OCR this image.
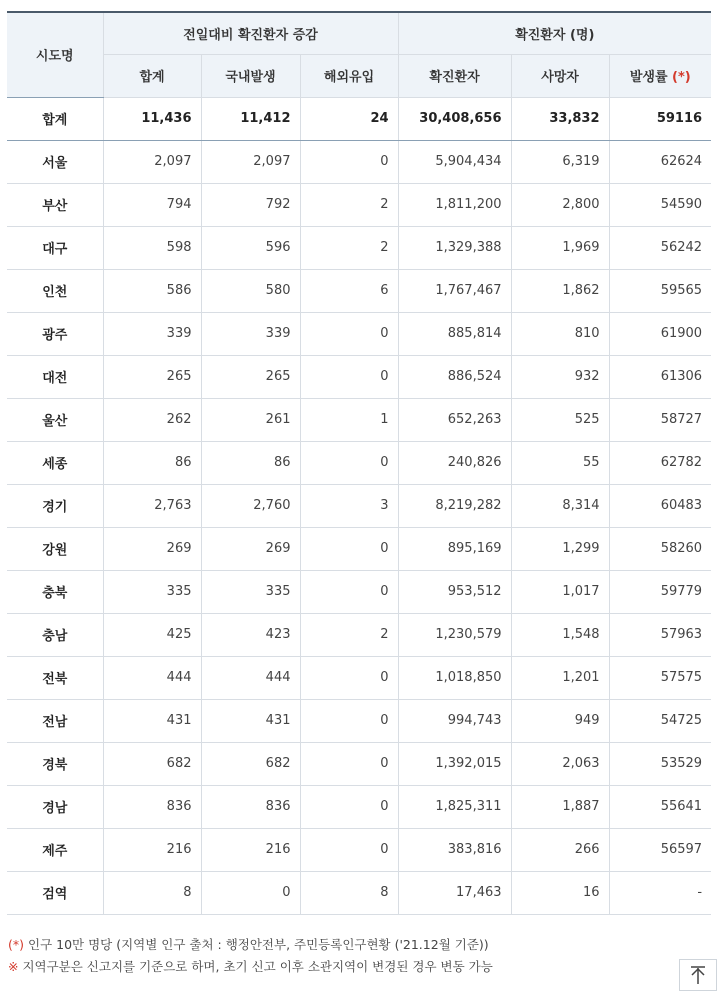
시도명	전일대비 확진환자 증감			확진환자 (명)		
	합계	국내발생	해외유입	확진환자	사망자	발생률 (*)
합계	11,436	11,412	24	30,408,656	33,832	59116
서울	2,097	2,097	0	5,904,434	6,319	62624
부산	794	792	2	1,811,200	2,800	54590
대구	598	596	2	1,329,388	1,969	56242
인천	586	580	6	1,767,467	1,862	59565
광주	339	339	0	885,814	810	61900
대전	265	265	0	886,524	932	61306
울산	262	261	1	652,263	525	58727
세종	86	86	0	240,826	55	62782
경기	2,763	2,760	3	8,219,282	8,314	60483
강원	269	269	0	895,169	1,299	58260
충북	335	335	0	953,512	1,017	59779
충남	425	423	2	1,230,579	1,548	57963
전북	444	444	0	1,018,850	1,201	57575
전남	431	431	0	994,743	949	54725
경북	682	682	0	1,392,015	2,063	53529
경남	836	836	0	1,825,311	1,887	55641
제주	216	216	0	383,816	266	56597
검역	8	0	8	17,463	16	-
(*) 인구 10만 명당 (지역별 인구 출처 : 행정안전부, 주민등록인구현황 ('21.12월 기준))
※ 지역구분은 신고지를 기준으로 하며, 초기 신고 이후 소관지역이 변경된 경우 변동 가능
